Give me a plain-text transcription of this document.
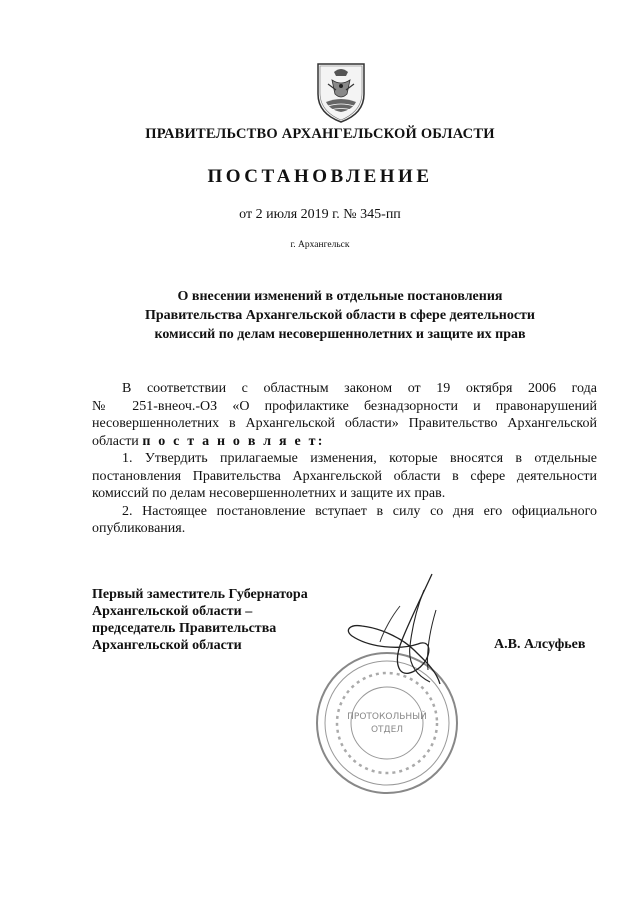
ПРАВИТЕЛЬСТВО АРХАНГЕЛЬСКОЙ ОБЛАСТИ
ПОСТАНОВЛЕНИЕ
от 2 июля 2019 г. № 345-пп
г. Архангельск
О внесении изменений в отдельные постановления
Правительства Архангельской области в сфере деятельности
комиссий по делам несовершеннолетних и защите их прав
В соответствии с областным законом от 19 октября 2006 года
№ 251-внеоч.-ОЗ «О профилактике безнадзорности и правонарушений
несовершеннолетних в Архангельской области» Правительство Архангельской
области п о с т а н о в л я е т:
1. Утвердить прилагаемые изменения, которые вносятся в отдельные
постановления Правительства Архангельской области в сфере деятельности
комиссий по делам несовершеннолетних и защите их прав.
2. Настоящее постановление вступает в силу со дня его официального
опубликования.
Первый заместитель Губернатора
Архангельской области –
председатель Правительства
Архангельской области	А.В. Алсуфьев
ПРОТОКОЛЬНЫЙ
ОТДЕЛ
